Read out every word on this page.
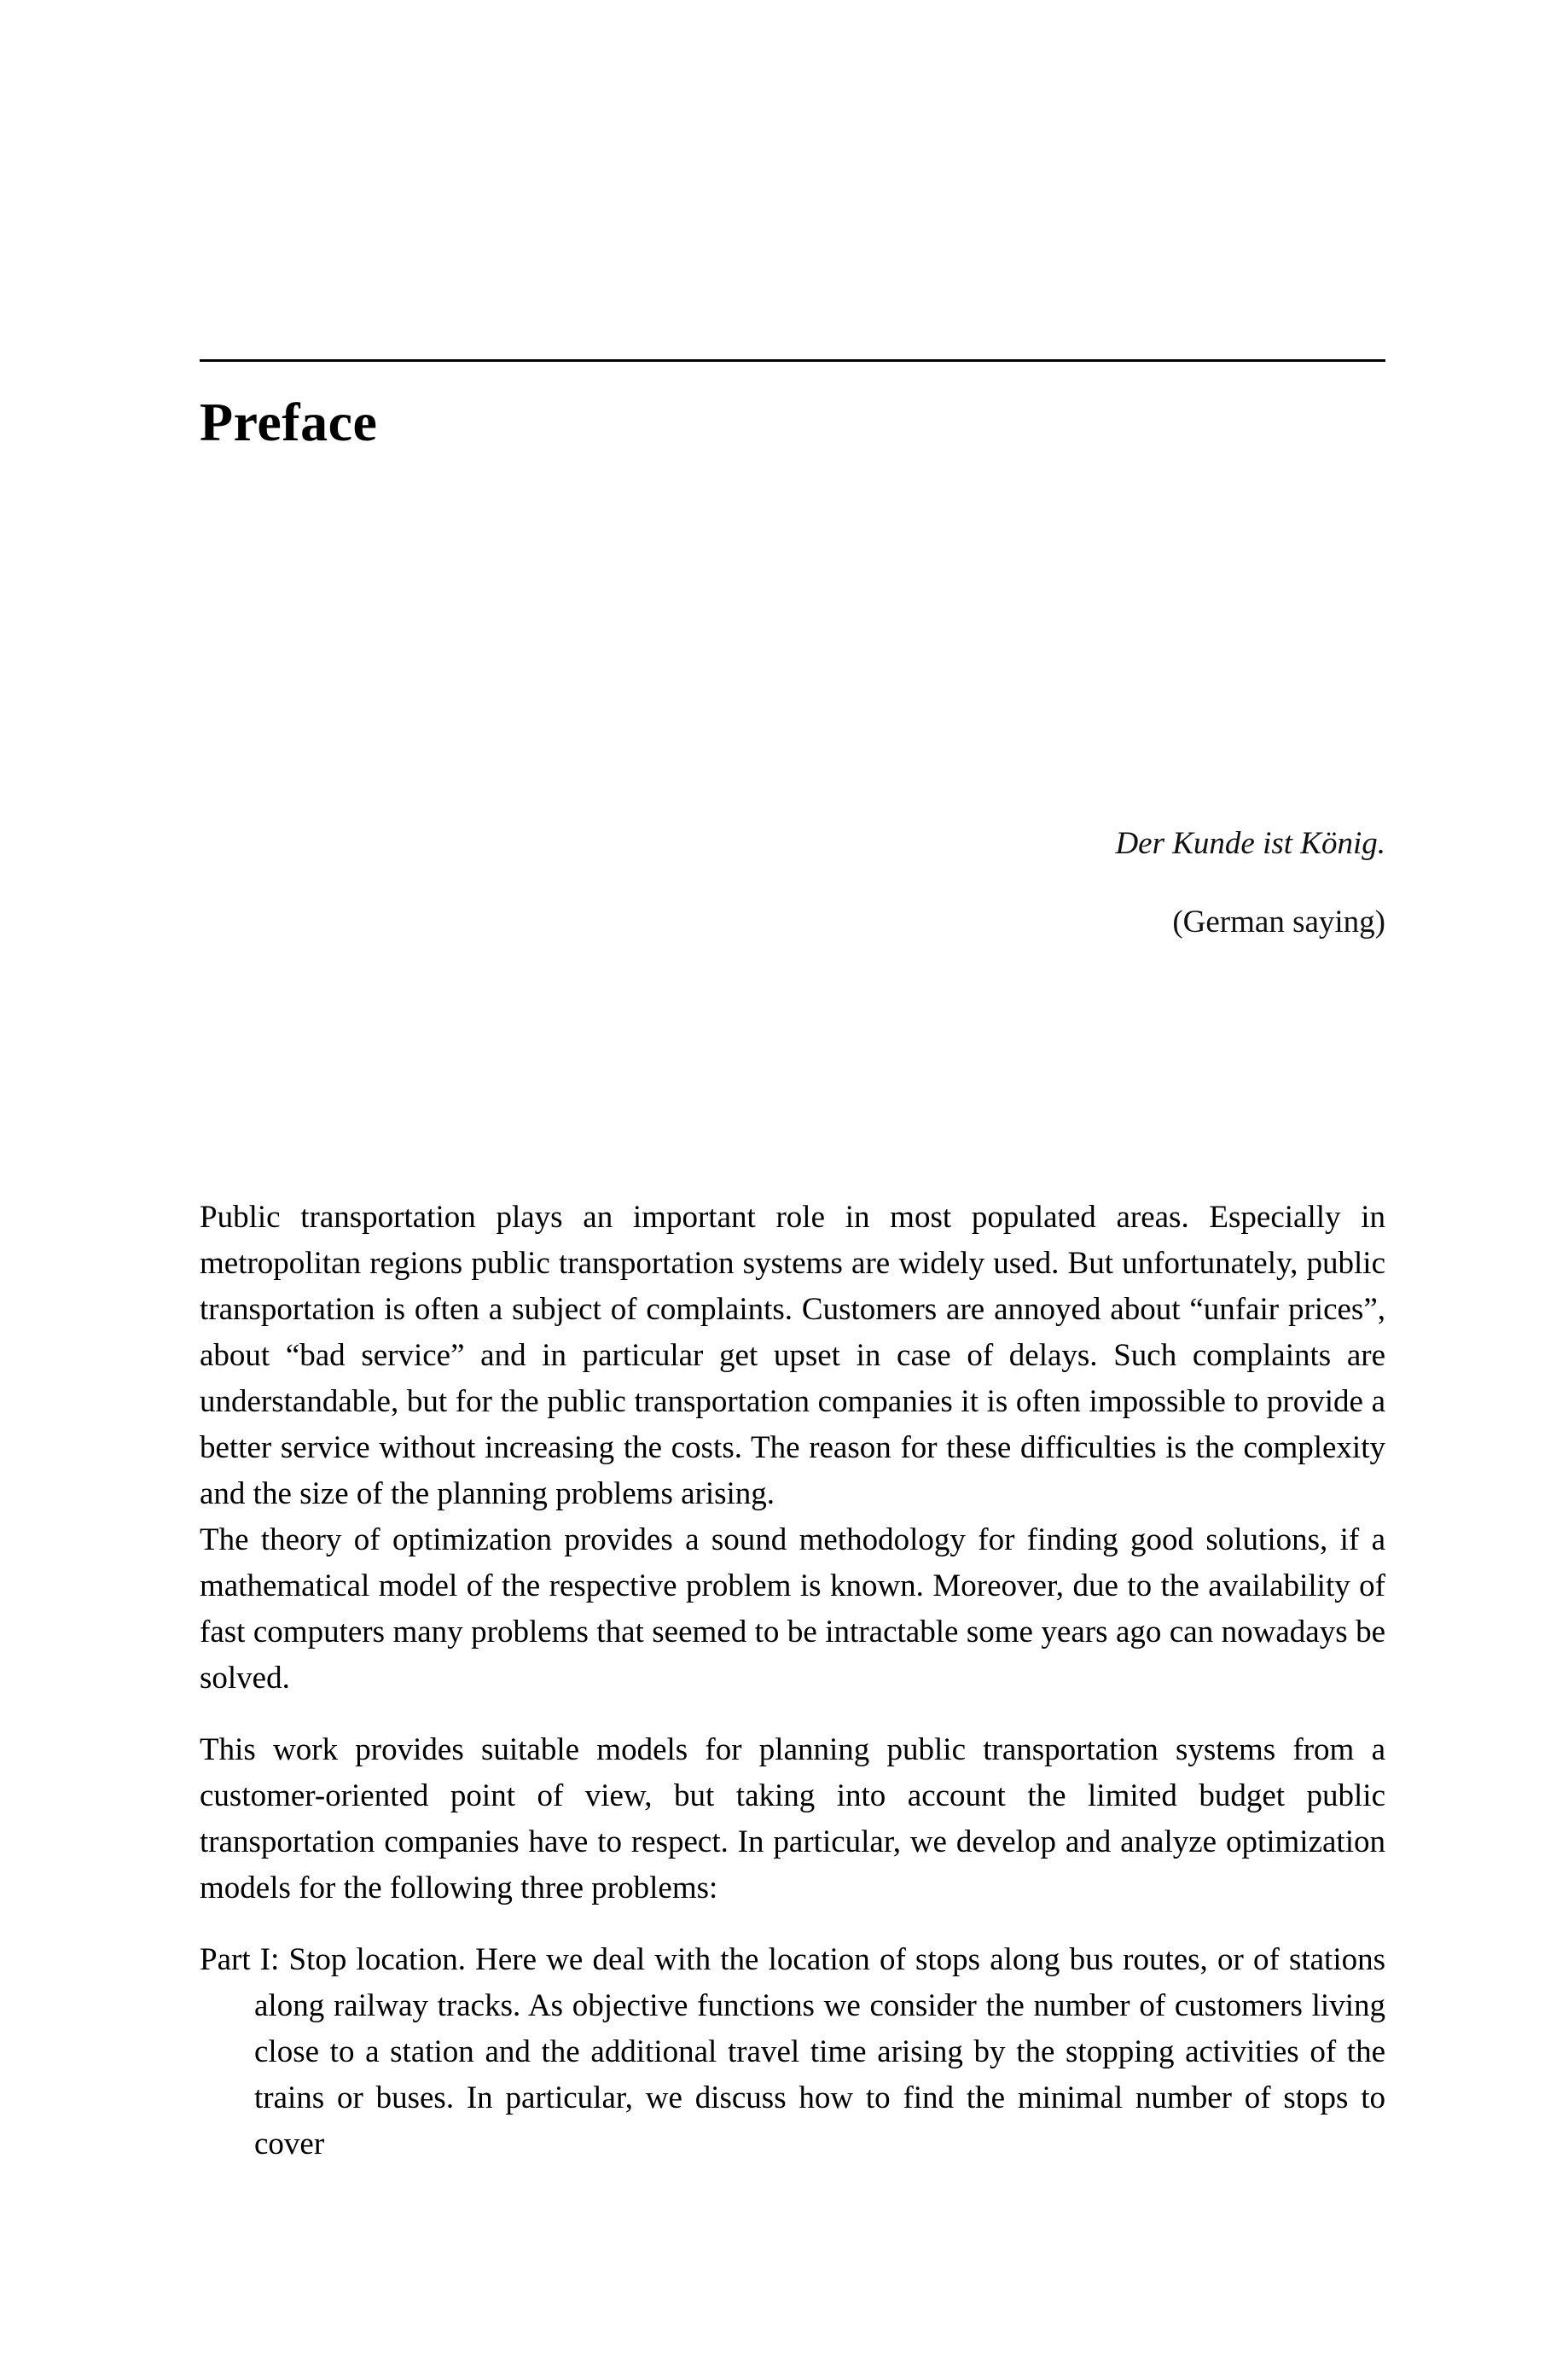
Preface

Der Kunde ist König.

(German saying)

Public transportation plays an important role in most populated areas. Especially in metropolitan regions public transportation systems are widely used. But unfortunately, public transportation is often a subject of complaints. Customers are annoyed about “unfair prices”, about “bad service” and in particular get upset in case of delays. Such complaints are understandable, but for the public transportation companies it is often impossible to provide a better service without increasing the costs. The reason for these difficulties is the complexity and the size of the planning problems arising.

The theory of optimization provides a sound methodology for finding good solutions, if a mathematical model of the respective problem is known. Moreover, due to the availability of fast computers many problems that seemed to be intractable some years ago can nowadays be solved.

This work provides suitable models for planning public transportation systems from a customer-oriented point of view, but taking into account the limited budget public transportation companies have to respect. In particular, we develop and analyze optimization models for the following three problems:

Part I: Stop location. Here we deal with the location of stops along bus routes, or of stations along railway tracks. As objective functions we consider the number of customers living close to a station and the additional travel time arising by the stopping activities of the trains or buses. In particular, we discuss how to find the minimal number of stops to cover
